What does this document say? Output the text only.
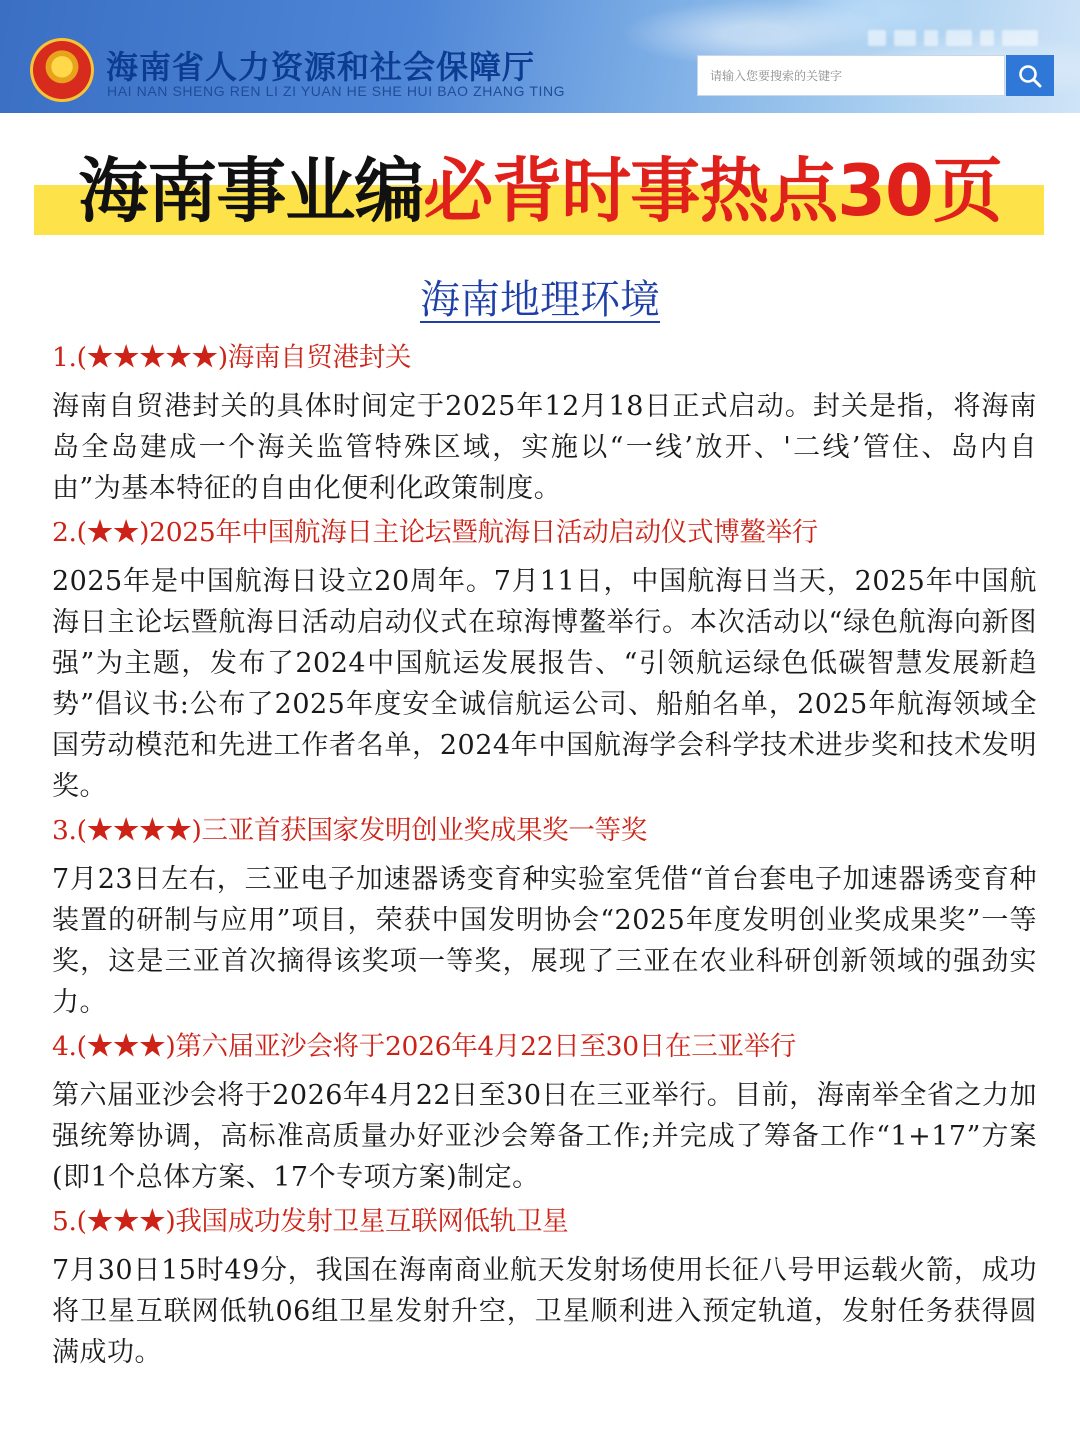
海南省人力资源和社会保障厅
HAI NAN SHENG REN LI ZI YUAN HE SHE HUI BAO ZHANG TING
请输入您要搜索的关键字
海南事业编必背时事热点30页
海南地理环境
1.(★★★★★)海南自贸港封关
海南自贸港封关的具体时间定于2025年12月18日正式启动。封关是指，将海南岛全岛建成一个海关监管特殊区域，实施以“一线’放开、'二线’管住、岛内自由”为基本特征的自由化便利化政策制度。
2.(★★)2025年中国航海日主论坛暨航海日活动启动仪式博鳌举行
2025年是中国航海日设立20周年。7月11日，中国航海日当天，2025年中国航海日主论坛暨航海日活动启动仪式在琼海博鳌举行。本次活动以“绿色航海向新图强”为主题，发布了2024中国航运发展报告、“引领航运绿色低碳智慧发展新趋势”倡议书:公布了2025年度安全诚信航运公司、船舶名单，2025年航海领域全国劳动模范和先进工作者名单，2024年中国航海学会科学技术进步奖和技术发明奖。
3.(★★★★)三亚首获国家发明创业奖成果奖一等奖
7月23日左右，三亚电子加速器诱变育种实验室凭借“首台套电子加速器诱变育种装置的研制与应用”项目，荣获中国发明协会“2025年度发明创业奖成果奖”一等奖，这是三亚首次摘得该奖项一等奖，展现了三亚在农业科研创新领域的强劲实力。
4.(★★★)第六届亚沙会将于2026年4月22日至30日在三亚举行
第六届亚沙会将于2026年4月22日至30日在三亚举行。目前，海南举全省之力加强统筹协调，高标准高质量办好亚沙会筹备工作;并完成了筹备工作“1+17”方案(即1个总体方案、17个专项方案)制定。
5.(★★★)我国成功发射卫星互联网低轨卫星
7月30日15时49分，我国在海南商业航天发射场使用长征八号甲运载火箭，成功将卫星互联网低轨06组卫星发射升空，卫星顺利进入预定轨道，发射任务获得圆满成功。
